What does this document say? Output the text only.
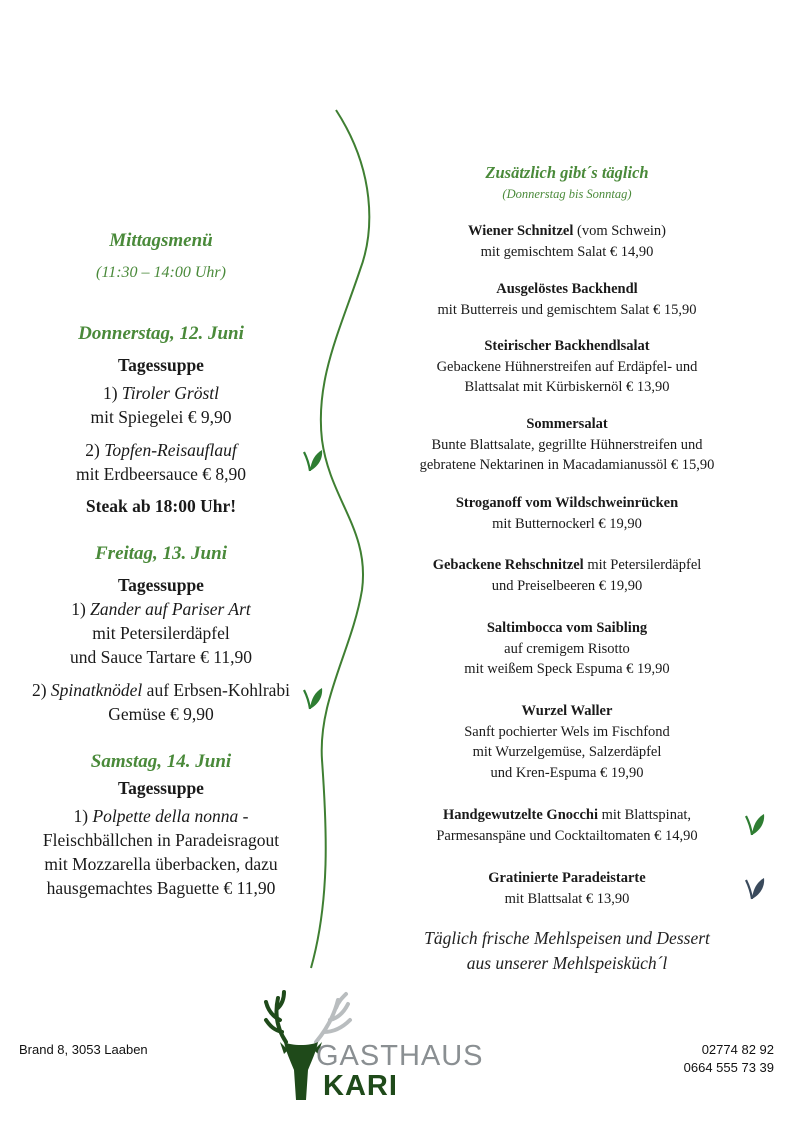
Mittagsmenü
(11:30 – 14:00 Uhr)
Donnerstag, 12. Juni
Tagessuppe
1) Tiroler Gröstl
mit Spiegelei € 9,90
2) Topfen-Reisauflauf
mit Erdbeersauce € 8,90
Steak ab 18:00 Uhr!
Freitag, 13. Juni
Tagessuppe
1) Zander auf Pariser Art
mit Petersilerdäpfel
und Sauce Tartare € 11,90
2) Spinatknödel auf Erbsen-Kohlrabi
Gemüse € 9,90
Samstag, 14. Juni
Tagessuppe
1) Polpette della nonna -
Fleischbällchen in Paradeisragout
mit Mozzarella überbacken, dazu
hausgemachtes Baguette € 11,90
Zusätzlich gibt´s täglich
(Donnerstag bis Sonntag)
Wiener Schnitzel (vom Schwein)
mit gemischtem Salat € 14,90
Ausgelöstes Backhendl
mit Butterreis und gemischtem Salat € 15,90
Steirischer Backhendlsalat
Gebackene Hühnerstreifen auf Erdäpfel- und
Blattsalat mit Kürbiskernöl € 13,90
Sommersalat
Bunte Blattsalate, gegrillte Hühnerstreifen und
gebratene Nektarinen in Macadamianussöl € 15,90
Stroganoff vom Wildschweinrücken
mit Butternockerl € 19,90
Gebackene Rehschnitzel mit Petersilerdäpfel
und Preiselbeeren € 19,90
Saltimbocca vom Saibling
auf cremigem Risotto
mit weißem Speck Espuma € 19,90
Wurzel Waller
Sanft pochierter Wels im Fischfond
mit Wurzelgemüse, Salzerdäpfel
und Kren-Espuma € 19,90
Handgewutzelte Gnocchi mit Blattspinat,
Parmesanspäne und Cocktailtomaten € 14,90
Gratinierte Paradeistarte
mit Blattsalat € 13,90
Täglich frische Mehlspeisen und Dessert
aus unserer Mehlspeisküch´l
Brand 8, 3053 Laaben	02774 82 92
0664 555 73 39
GASTHAUS
KARI
